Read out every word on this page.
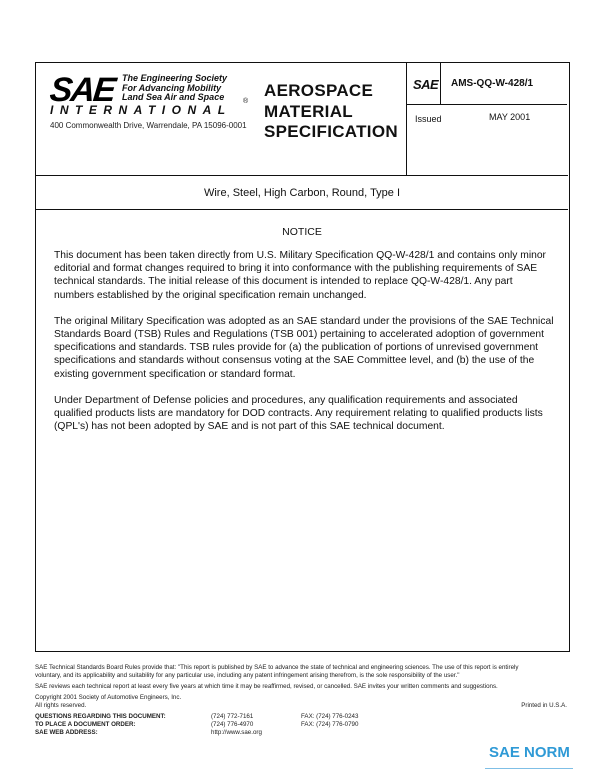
SAE The Engineering Society
For Advancing Mobility
Land Sea Air and Space	®
INTERNATIONAL
400 Commonwealth Drive, Warrendale, PA 15096-0001
AEROSPACE
MATERIAL
SPECIFICATION
SAE AMS-QQ-W-428/1
Issued	MAY 2001
Wire, Steel, High Carbon, Round, Type I
NOTICE

This document has been taken directly from U.S. Military Specification QQ-W-428/1 and contains only minor editorial and format changes required to bring it into conformance with the publishing requirements of SAE technical standards. The initial release of this document is intended to replace QQ-W-428/1. Any part numbers established by the original specification remain unchanged.

The original Military Specification was adopted as an SAE standard under the provisions of the SAE Technical Standards Board (TSB) Rules and Regulations (TSB 001) pertaining to accelerated adoption of government specifications and standards. TSB rules provide for (a) the publication of portions of unrevised government specifications and standards without consensus voting at the SAE Committee level, and (b) the use of the existing government specification or standard format.

Under Department of Defense policies and procedures, any qualification requirements and associated qualified products lists are mandatory for DOD contracts. Any requirement relating to qualified products lists (QPL's) has not been adopted by SAE and is not part of this SAE technical document.

SAE Technical Standards Board Rules provide that: "This report is published by SAE to advance the state of technical and engineering sciences. The use of this report is entirely
voluntary, and its applicability and suitability for any particular use, including any patent infringement arising therefrom, is the sole responsibility of the user."
SAE reviews each technical report at least every five years at which time it may be reaffirmed, revised, or cancelled. SAE invites your written comments and suggestions.
Copyright 2001 Society of Automotive Engineers, Inc.
All rights reserved.	Printed in U.S.A.
QUESTIONS REGARDING THIS DOCUMENT:	(724) 772-7161	FAX: (724) 776-0243
TO PLACE A DOCUMENT ORDER:	(724) 776-4970	FAX: (724) 776-0790
SAE WEB ADDRESS:	http://www.sae.org
SAE NORM
